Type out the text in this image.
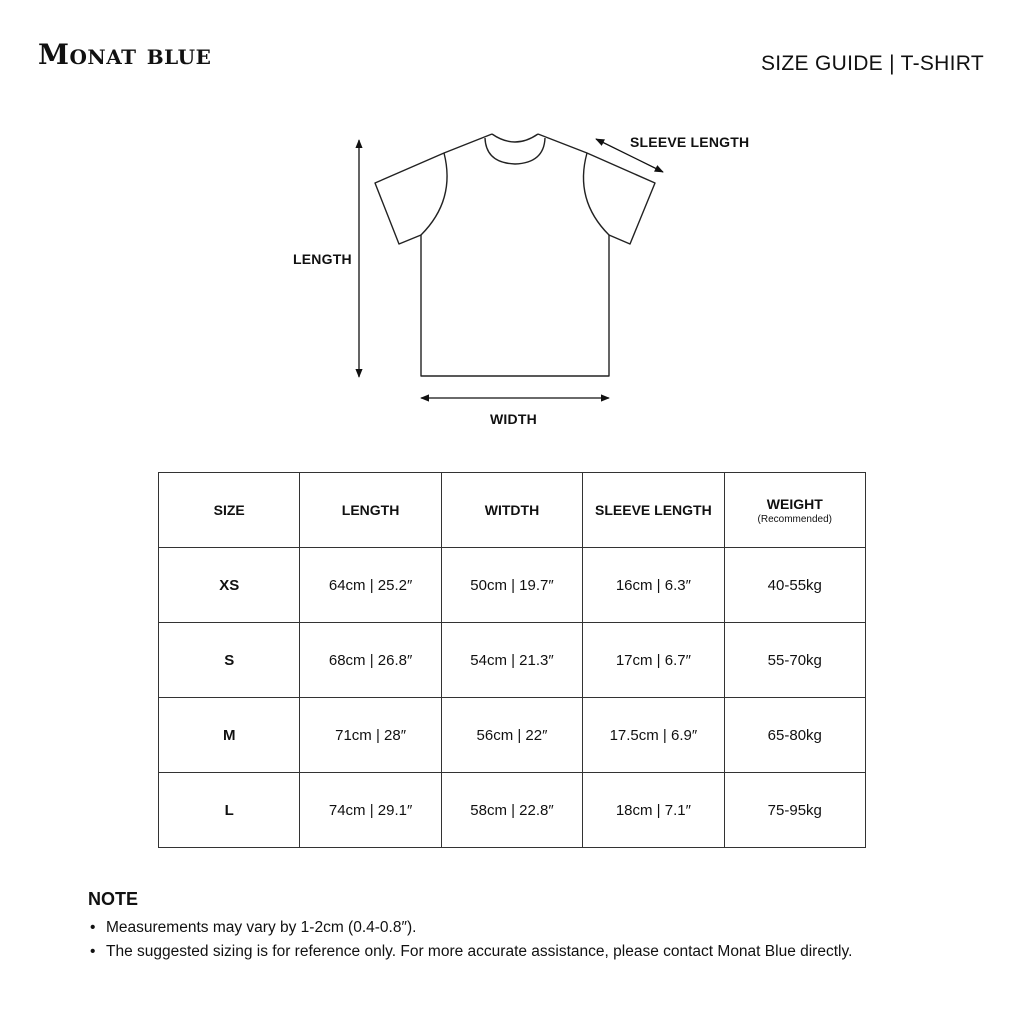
Monat blue	SIZE GUIDE | T-SHIRT
SLEEVE LENGTH
LENGTH
WIDTH
SIZE	LENGTH	WITDTH	SLEEVE LENGTH	WEIGHT
(Recommended)

XS	64cm | 25.2″	50cm | 19.7″	16cm | 6.3″	40-55kg
S	68cm | 26.8″	54cm | 21.3″	17cm | 6.7″	55-70kg
M	71cm | 28″	56cm | 22″	17.5cm | 6.9″	65-80kg
L	74cm | 29.1″	58cm | 22.8″	18cm | 7.1″	75-95kg
NOTE
• Measurements may vary by 1-2cm (0.4-0.8″).
• The suggested sizing is for reference only. For more accurate assistance, please contact Monat Blue directly.
